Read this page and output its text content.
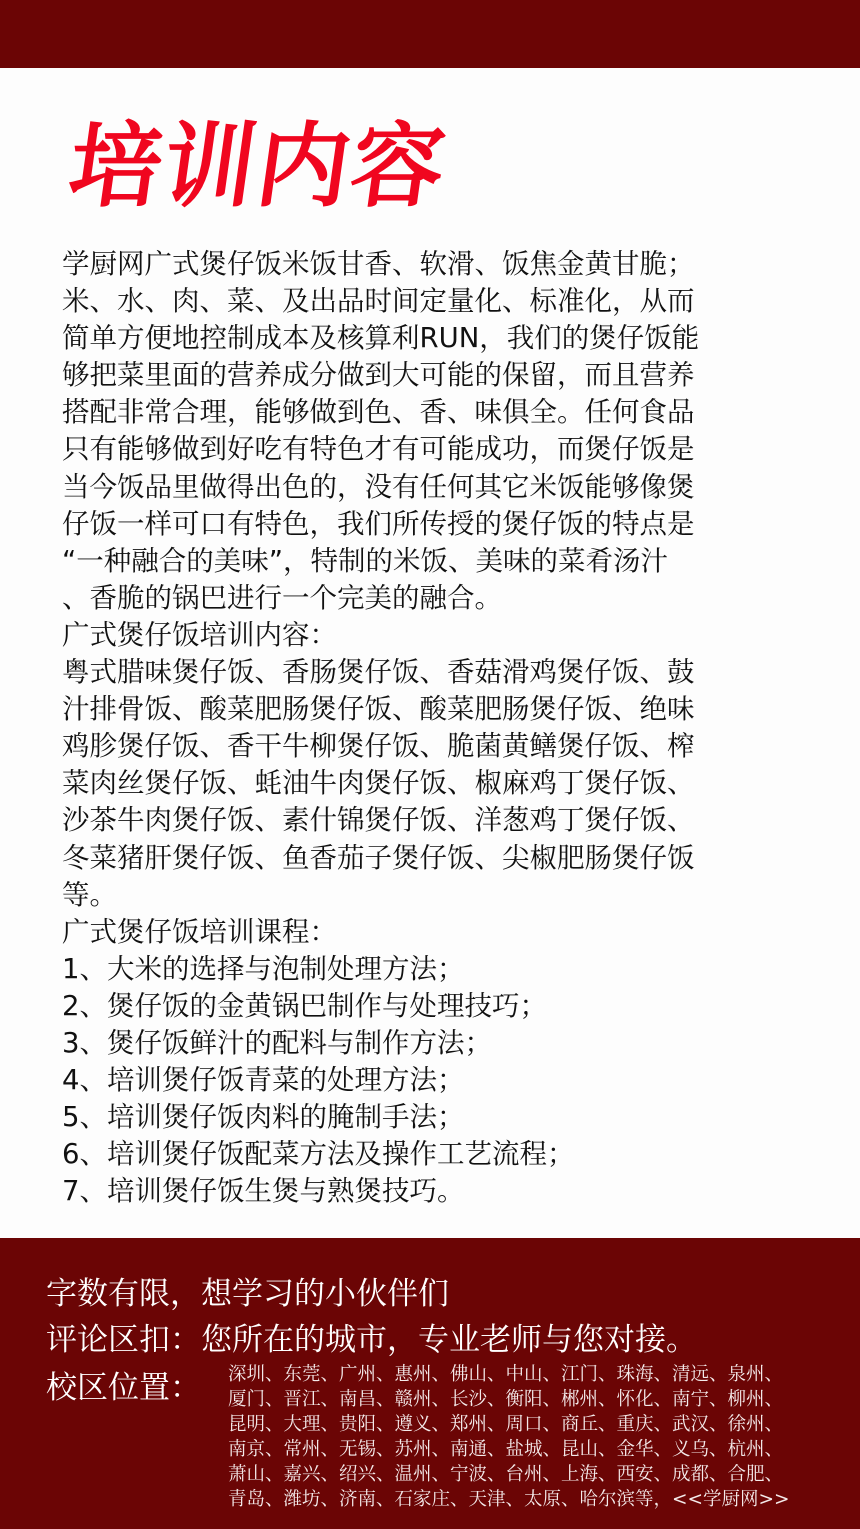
培训内容
学厨网广式煲仔饭米饭甘香、软滑、饭焦金黄甘脆；
米、水、肉、菜、及出品时间定量化、标准化，从而
简单方便地控制成本及核算利RUN，我们的煲仔饭能
够把菜里面的营养成分做到大可能的保留，而且营养
搭配非常合理，能够做到色、香、味俱全。任何食品
只有能够做到好吃有特色才有可能成功，而煲仔饭是
当今饭品里做得出色的，没有任何其它米饭能够像煲
仔饭一样可口有特色，我们所传授的煲仔饭的特点是
“一种融合的美味”，特制的米饭、美味的菜肴汤汁
、香脆的锅巴进行一个完美的融合。
广式煲仔饭培训内容：
粤式腊味煲仔饭、香肠煲仔饭、香菇滑鸡煲仔饭、鼓
汁排骨饭、酸菜肥肠煲仔饭、酸菜肥肠煲仔饭、绝味
鸡胗煲仔饭、香干牛柳煲仔饭、脆菌黄鳝煲仔饭、榨
菜肉丝煲仔饭、蚝油牛肉煲仔饭、椒麻鸡丁煲仔饭、
沙茶牛肉煲仔饭、素什锦煲仔饭、洋葱鸡丁煲仔饭、
冬菜猪肝煲仔饭、鱼香茄子煲仔饭、尖椒肥肠煲仔饭
等。
广式煲仔饭培训课程：
1、大米的选择与泡制处理方法；
2、煲仔饭的金黄锅巴制作与处理技巧；
3、煲仔饭鲜汁的配料与制作方法；
4、培训煲仔饭青菜的处理方法；
5、培训煲仔饭肉料的腌制手法；
6、培训煲仔饭配菜方法及操作工艺流程；
7、培训煲仔饭生煲与熟煲技巧。
字数有限，想学习的小伙伴们
评论区扣：您所在的城市，专业老师与您对接。
校区位置： 深圳、东莞、广州、惠州、佛山、中山、江门、珠海、清远、泉州、
厦门、晋江、南昌、赣州、长沙、衡阳、郴州、怀化、南宁、柳州、
昆明、大理、贵阳、遵义、郑州、周口、商丘、重庆、武汉、徐州、
南京、常州、无锡、苏州、南通、盐城、昆山、金华、义乌、杭州、
萧山、嘉兴、绍兴、温州、宁波、台州、上海、西安、成都、合肥、
青岛、潍坊、济南、石家庄、天津、太原、哈尔滨等，<<学厨网>>
